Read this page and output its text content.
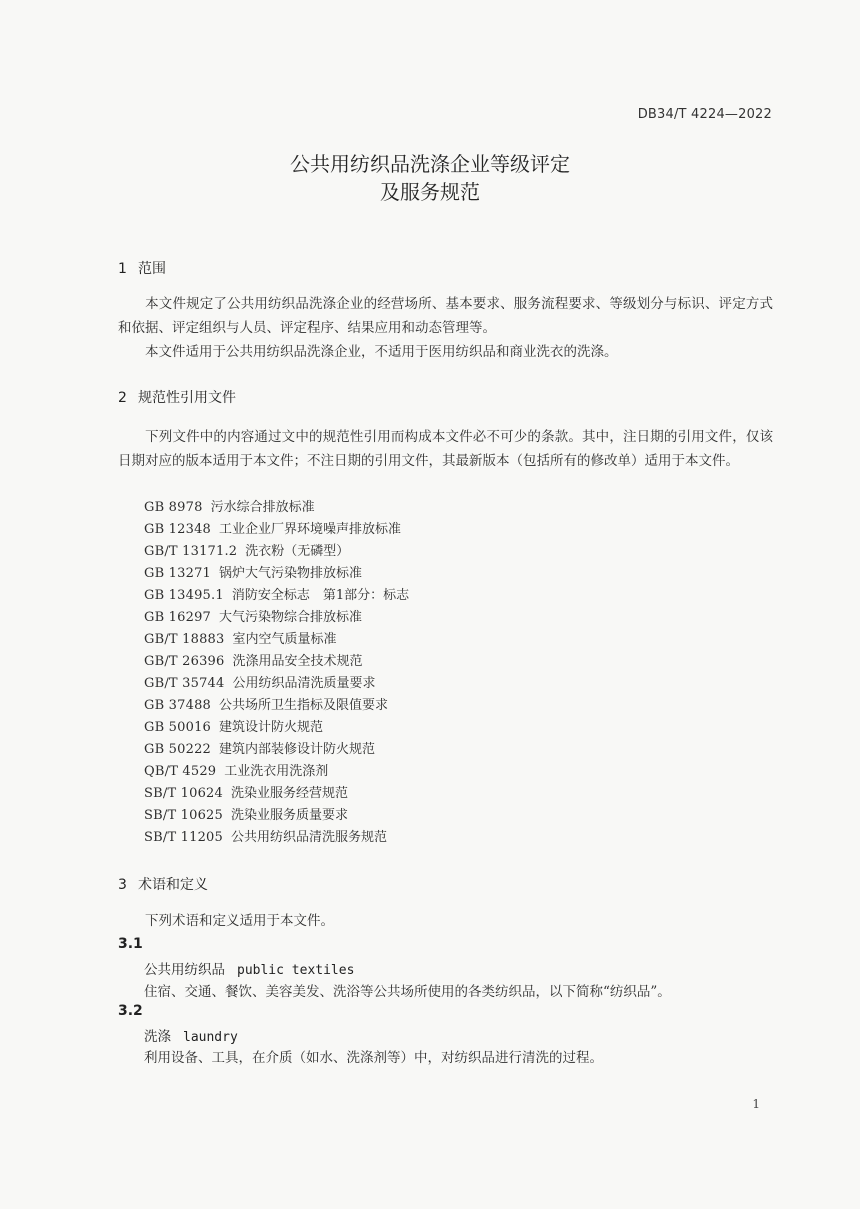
DB34/T 4224—2022
公共用纺织品洗涤企业等级评定
及服务规范
1 范围
本文件规定了公共用纺织品洗涤企业的经营场所、基本要求、服务流程要求、等级划分与标识、评定方式和依据、评定组织与人员、评定程序、结果应用和动态管理等。
本文件适用于公共用纺织品洗涤企业，不适用于医用纺织品和商业洗衣的洗涤。
2 规范性引用文件
下列文件中的内容通过文中的规范性引用而构成本文件必不可少的条款。其中，注日期的引用文件，仅该日期对应的版本适用于本文件；不注日期的引用文件，其最新版本（包括所有的修改单）适用于本文件。
GB 8978 污水综合排放标准
GB 12348 工业企业厂界环境噪声排放标准
GB/T 13171.2 洗衣粉（无磷型）
GB 13271 锅炉大气污染物排放标准
GB 13495.1 消防安全标志　第1部分：标志
GB 16297 大气污染物综合排放标准
GB/T 18883 室内空气质量标准
GB/T 26396 洗涤用品安全技术规范
GB/T 35744 公用纺织品清洗质量要求
GB 37488 公共场所卫生指标及限值要求
GB 50016 建筑设计防火规范
GB 50222 建筑内部装修设计防火规范
QB/T 4529 工业洗衣用洗涤剂
SB/T 10624 洗染业服务经营规范
SB/T 10625 洗染业服务质量要求
SB/T 11205 公共用纺织品清洗服务规范
3 术语和定义
下列术语和定义适用于本文件。
3.1
公共用纺织品 public textiles
住宿、交通、餐饮、美容美发、洗浴等公共场所使用的各类纺织品，以下简称“纺织品”。
3.2
洗涤 laundry
利用设备、工具，在介质（如水、洗涤剂等）中，对纺织品进行清洗的过程。
1
